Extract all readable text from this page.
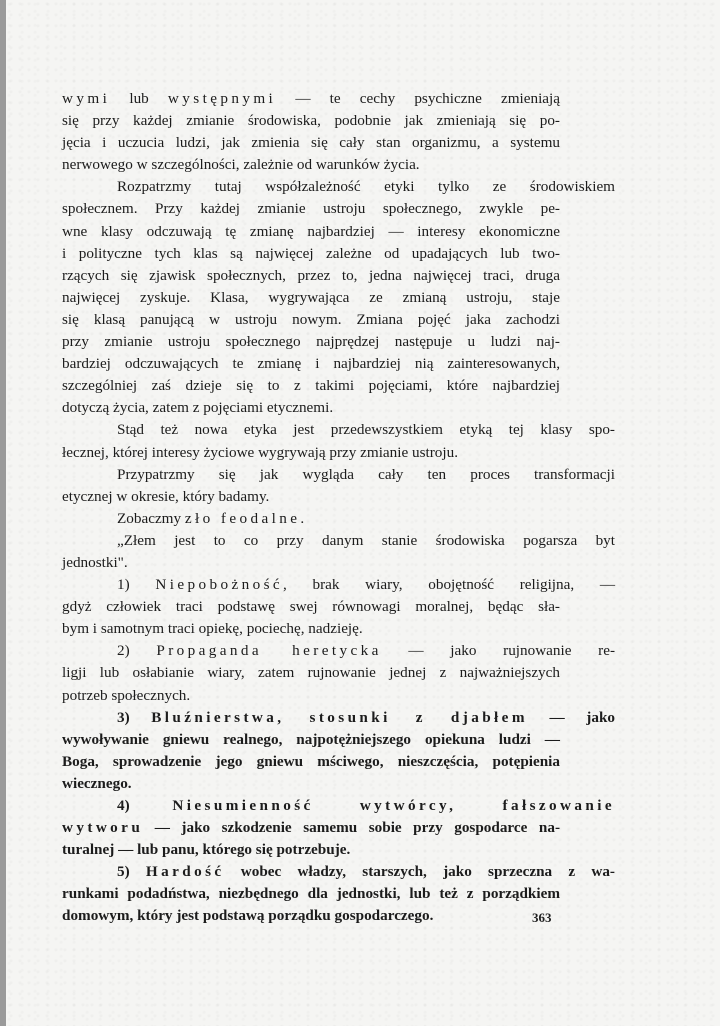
wymi lub występnymi — te cechy psychiczne zmieniają
się przy każdej zmianie środowiska, podobnie jak zmieniają się po-
jęcia i uczucia ludzi, jak zmienia się cały stan organizmu, a systemu
nerwowego w szczególności, zależnie od warunków życia.
Rozpatrzmy tutaj współzależność etyki tylko ze środowiskiem
społecznem. Przy każdej zmianie ustroju społecznego, zwykle pe-
wne klasy odczuwają tę zmianę najbardziej — interesy ekonomiczne
i polityczne tych klas są najwięcej zależne od upadających lub two-
rzących się zjawisk społecznych, przez to, jedna najwięcej traci, druga
najwięcej zyskuje. Klasa, wygrywająca ze zmianą ustroju, staje
się klasą panującą w ustroju nowym. Zmiana pojęć jaka zachodzi
przy zmianie ustroju społecznego najprędzej następuje u ludzi naj-
bardziej odczuwających te zmianę i najbardziej nią zainteresowanych,
szczególniej zaś dzieje się to z takimi pojęciami, które najbardziej
dotyczą życia, zatem z pojęciami etycznemi.
Stąd też nowa etyka jest przedewszystkiem etyką tej klasy spo-
łecznej, której interesy życiowe wygrywają przy zmianie ustroju.
Przypatrzmy się jak wygląda cały ten proces transformacji
etycznej w okresie, który badamy.
Zobaczmy zło feodalne.
„Złem jest to co przy danym stanie środowiska pogarsza byt
jednostki".
1) Niepobożność, brak wiary, obojętność religijna, —
gdyż człowiek traci podstawę swej równowagi moralnej, będąc sła-
bym i samotnym traci opiekę, pociechę, nadzieję.
2) Propaganda heretycka — jako rujnowanie re-
ligji lub osłabianie wiary, zatem rujnowanie jednej z najważniejszych
potrzeb społecznych.
3) Bluźnierstwa, stosunki z djabłem — jako
wywoływanie gniewu realnego, najpotężniejszego opiekuna ludzi —
Boga, sprowadzenie jego gniewu mściwego, nieszczęścia, potępienia
wiecznego.
4) Niesumienność wytwórcy, fałszowanie
wytworu — jako szkodzenie samemu sobie przy gospodarce na-
turalnej — lub panu, którego się potrzebuje.
5) Hardość wobec władzy, starszych, jako sprzeczna z wa-
runkami podadństwa, niezbędnego dla jednostki, lub też z porządkiem
domowym, który jest podstawą porządku gospodarczego.	363
